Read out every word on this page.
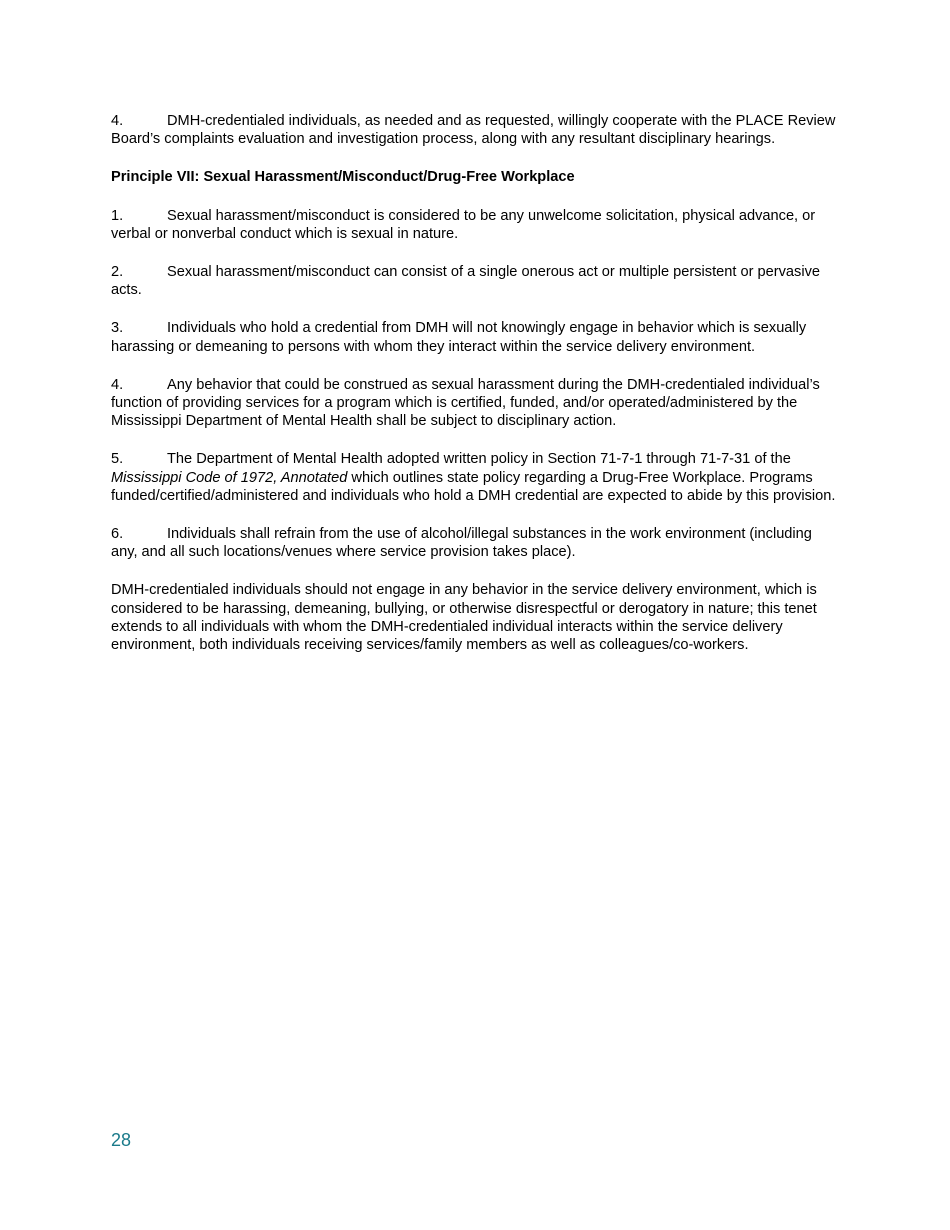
4.	DMH-credentialed individuals, as needed and as requested, willingly cooperate with the PLACE Review Board’s complaints evaluation and investigation process, along with any resultant disciplinary hearings.

Principle VII: Sexual Harassment/Misconduct/Drug-Free Workplace

1.	Sexual harassment/misconduct is considered to be any unwelcome solicitation, physical advance, or verbal or nonverbal conduct which is sexual in nature.

2.	Sexual harassment/misconduct can consist of a single onerous act or multiple persistent or pervasive acts.

3.	Individuals who hold a credential from DMH will not knowingly engage in behavior which is sexually harassing or demeaning to persons with whom they interact within the service delivery environment.

4.	Any behavior that could be construed as sexual harassment during the DMH-credentialed individual’s function of providing services for a program which is certified, funded, and/or operated/administered by the Mississippi Department of Mental Health shall be subject to disciplinary action.

5.	The Department of Mental Health adopted written policy in Section 71-7-1 through 71-7-31 of the Mississippi Code of 1972, Annotated which outlines state policy regarding a Drug-Free Workplace. Programs funded/certified/administered and individuals who hold a DMH credential are expected to abide by this provision.

6.	Individuals shall refrain from the use of alcohol/illegal substances in the work environment (including any, and all such locations/venues where service provision takes place).

DMH-credentialed individuals should not engage in any behavior in the service delivery environment, which is considered to be harassing, demeaning, bullying, or otherwise disrespectful or derogatory in nature; this tenet extends to all individuals with whom the DMH-credentialed individual interacts within the service delivery environment, both individuals receiving services/family members as well as colleagues/co-workers.

28
